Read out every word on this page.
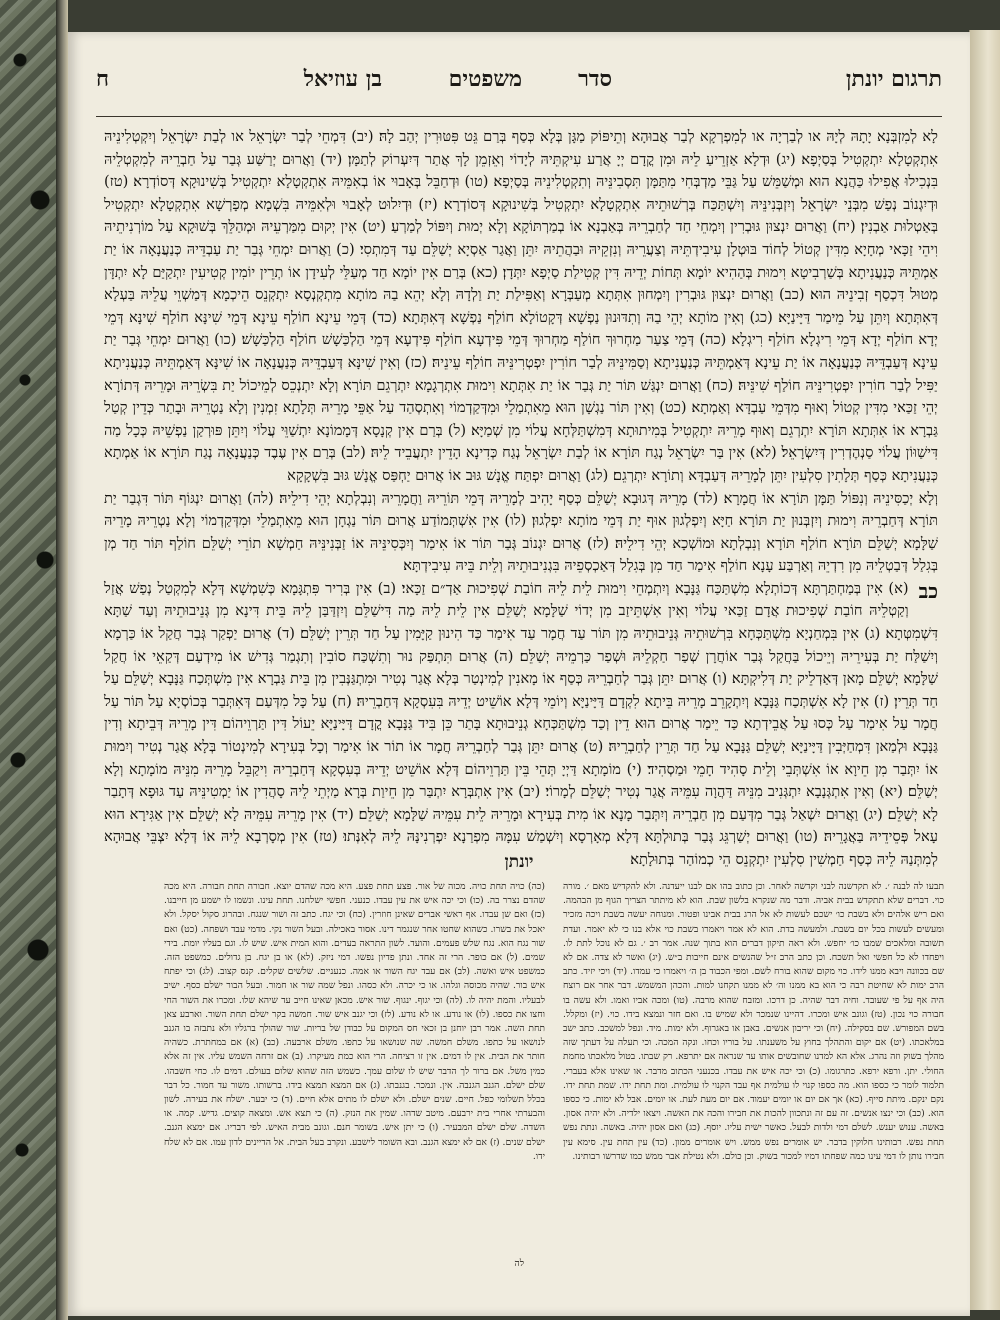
תרגום יונתן
סדר
משפטים
בן עוזיאל
ח

לָא לְמִזְבְּנָא יָתָהּ לְיָהּ או לְבַרְיָה או לְמִפְרְקָא לְבַר אֲבוּהָא וְתֵיפּוֹק מַגָּן בְּלָא כְּסַף בְּרַם גֵּט פִּטּוּרִין יְהַב לָהּ׃ (יב) דִּמְחֵי לְבַר יִשְׂרָאֵל או לְבַת יִשְׂרָאֵל וְיִקְטְלִינֵיהּ אִתְקְטָלָא יִתְקְטִיל בְּסַיְפָא׃ (יג) וּדְלָא אַזְרֵיעַ לֵיהּ וּמִן קֳדָם יְיָ אֲרַע עִיקְתֵּיהּ לְיָדוֹי וְאֵזְמֵן לָךְ אֲתַר דְּיִעְרוֹק לְתַמָּן׃ (יד) וַאֲרוּם יְרַשַּׁע גְּבַר עַל חַבְרֵיהּ לְמִקְטְלֵיהּ בִּנְכִילוּ אֲפִילוּ כַּהֲנָא הוּא וּמְשַׁמֵּשׁ עַל גַּבֵּי מַדְבְּחִי מִתַּמָּן תִּסְבִינֵּיהּ וְתִקְטְלִינֵיהּ בְּסַיְפָא׃ (טו) וּדְחַבֵּל בְּאָבוּי אוֹ בְאִמֵּיהּ אִתְקְטָלָא יִתְקְטִיל בְּשִׁינוּקָא דְּסוֹדְרָא׃ (טז) וּדְיִגְנוֹב נְפַשׁ מִבְּנֵי יִשְׂרָאֵל וְיִזְבְּנִינֵּיהּ וְיִשְׁתַּכַּח בְּרְשׁוּתֵיהּ אִתְקְטָלָא יִתְקְטִיל בְּשִׁינוּקָא דְּסוֹדְרָא׃ (יז) וּדְיִלוּט לְאָבוּי וּלְאִמֵּיהּ בִּשְׁמָא מְפָרְשָׁא אִתְקְטָלָא יִתְקְטִיל בְּאַטְלוּת אַבְנִין׃ (יח) וַאֲרוּם יִנְצוּן גּוּבְרִין וְיִמְחֵי חַד לְחַבְרֵיהּ בְּאַבְנָא אוֹ בְמַרְתּוֹקָא וְלָא יְמוּת וְיִפּוֹל לְמַרְעַ׃ (יט) אִין יְקוּם מִמַּרְעֵיהּ וּמְהַלֵּךְ בְּשׁוּקָא עַל מוֹרְנִיתֵיהּ וִיהֵי זַכָּאי מְחָיָא מִדִּין קְטוֹל לְחוֹד בּוּטְלָן עִיבִידְתֵּיהּ וְצַעֲרֵיהּ וְנִזְקֵיהּ וּבַהֲתֵיהּ יִתֵּן וַאֲגַר אַסְיָא יְשַׁלֵּם עַד דְּמִתְסִי׃ (כ) וַאֲרוּם יִמְחֵי גְּבַר יַת עַבְדֵּיהּ כְּנַעֲנָאָה אוֹ יַת אַמְתֵּיהּ כְּנַעֲנִיתָא בְּשַׁרְבִיטָא וִימוּת בְּהַהִיא יוֹמָא תְּחוֹת יְדֵיהּ דִּין קְטִילַת סַיְפָא יִתְּדָן׃ (כא) בְּרַם אִין יוֹמָא חַד מְעַלֵּי לְעִידָן אוֹ תְרֵין יוֹמִין קְטִיעִין יִתְקַיַּם לָא יִתְדָּן מְטוּל דִּכְסַף זְבִינֵיהּ הוּא׃ (כב) וַאֲרוּם יִנְצוּן גּוּבְרִין וְיִמְחוּן אִתְּתָא מְעַבְּרָא וְאַפִּילַת יַת וַלְדָהּ וְלָא יְהֵא בַהּ מוֹתָא מִתְקְנְסָא יִתְקְנֵס הֵיכְמָא דְּמַשְׁוֵי עֲלֵיהּ בַּעְלָא דְּאִתְּתָא וְיִתֵּן עַל מֵימַר דַּיָּינַיָּא׃ (כג) וְאִין מוֹתָא יְהֵי בַהּ וְתִדּוּנוּן נַפְשָׁא דְּקָטוֹלָא חוֹלַף נַפְשָׁא דְּאִתְּתָא׃ (כד) דְּמֵי עֵינָא חוֹלַף עֵינָא דְּמֵי שִׁינָּא חוֹלַף שִׁינָּא דְּמֵי יְדָא חוֹלַף יְדָא דְּמֵי רִיגְלָא חוֹלַף רִיגְלָא׃ (כה) דְּמֵי צַעַר מַחְרוּךְ חוֹלַף מַחְרוּךְ דְּמֵי פִּידְעָא חוֹלַף פִּידְעָא דְּמֵי הַלְכַּשָׁשׁ חוֹלַף הַלְכַּשָׁשׁ׃ (כו) וַאֲרוּם יִמְחֵי גְּבַר יַת עֵינָא דְּעַבְדֵּיהּ כְּנַעֲנָאָה אוֹ יַת עֵינָא דְּאַמְתֵּיהּ כְּנַעֲנִיתָא וְסַמִּינֵּיהּ לְבַר חוֹרִין יִפְטְרִינֵּיהּ חוֹלַף עֵינֵיהּ׃ (כז) וְאִין שִׁינָּא דְּעַבְדֵּיהּ כְּנַעֲנָאָה אוֹ שִׁינָּא דְּאַמְתֵּיהּ כְּנַעֲנִיתָא יַפִּיל לְבַר חוֹרִין יִפְטְרִינֵּיהּ חוֹלַף שִׁינֵּיהּ׃ (כח) וַאֲרוּם יִנְגַּשׁ תּוֹר יַת גְּבַר אוֹ יַת אִתְּתָא וִימוּת אִתְרְגָמָא יִתְרְגֵם תּוֹרָא וְלָא יִתְנְכֵס לְמֵיכוֹל יַת בִּשְׂרֵיהּ וּמָרֵיהּ דְּתוֹרָא יְהֵי זַכַּאי מִדִּין קְטוֹל וְאוּף מִדְּמֵי עַבְדָּא וְאַמְתָא׃ (כט) וְאִין תּוֹר נַגְשָׁן הוּא מֵאִתְמַלֵי וּמִדְּקַדְמוֹי וְאִתְסְהַד עַל אַפֵּי מָרֵיהּ תְּלָתָא זִמְנִין וְלָא נַטְרֵיהּ וּבָתַר כְּדֵין קְטַל גַּבְרָא אוֹ אִתְּתָא תּוֹרָא יִתְרְגֵם וְאוּף מָרֵיהּ יִתְקְטִיל בְּמִיתוּתָא דְּמִשְׁתַּלְּחָא עֲלוֹי מִן שְׁמַיָּא׃ (ל) בְּרַם אִין קְנָסָא דְּמָמוֹנָא יִתְשַׁוֵּי עֲלוֹי וְיִתֵּן פּוּרְקַן נַפְשֵׁיהּ כְּכָל מַה דִּישַׁוּוֹן עֲלוֹי סַנְהֶדְרִין דְּיִשְׂרָאֵל׃ (לא) אִין בַּר יִשְׂרָאֵל נְגַח תּוֹרָא אוֹ לְבַת יִשְׂרָאֵל נְגַח כְּדִינָא הָדֵין יִתְעֲבֵיד לֵיהּ׃ (לב) בְּרַם אִין עֶבֶד כְּנַעֲנָאָה נְגַח תּוֹרָא אוֹ אַמְתָא כְּנַעֲנִיתָא כְּסַף תְּלָתִין סִלְעִין יִתֵּן לְמָרֵיהּ דְּעַבְדָּא וְתוֹרָא יִתְרְגֵם׃ (לג) וַאֲרוּם יִפְתַּח אֱנָשׁ גּוּב אוֹ אֲרוּם יַחְפַּס אֱנָשׁ גּוּב בִּשְׁקָקָא

וְלָא יְכַסִּינֵיהּ וְנִפּוֹל תַּמָּן תּוֹרָא אוֹ חֲמָרָא׃ (לד) מָרֵיהּ דְּגוּבָא יְשַׁלֵּם כְּסַף יָהִיב לְמָרֵיהּ דְּמֵי תּוֹרֵיהּ וַחֲמָרֵיהּ וְנִבְלְתָא יְהֵי דִילֵיהּ׃ (לה) וַאֲרוּם יִנְגּוֹף תּוֹר דִּגְבַר יַת תּוֹרָא דְּחַבְרֵיהּ וִימוּת וְיִזְבְּנוּן יַת תּוֹרָא חַיָּא וְיִפְלְגוּן אוּף יַת דְּמֵי מוֹתָא יִפְלְגוּן׃ (לו) אִין אִשְׁתְּמוֹדַע אֲרוּם תּוֹר נַגְחָן הוּא מֵאִתְמַלֵי וּמִדְּקַדְמוֹי וְלָא נַטְרֵיהּ מָרֵיהּ שַׁלָּמָא יְשַׁלֵּם תּוֹרָא חוֹלַף תּוֹרָא וְנִבְלְתָא וּמוֹשְׁכָא יְהֵי דִילֵיהּ׃ (לז) אֲרוּם יִגְנוֹב גְּבַר תּוֹר אוֹ אִימַר וְיִכְּסִינֵּיהּ אוֹ זַבְּנִינֵּיהּ חַמְשָׁא תוֹרֵי יְשַׁלֵּם חוֹלַף תּוֹר חַד מְן בְּגִלַל דְּבַטְלֵיהּ מִן רִדְיֵהּ וְאַרְבַּע עָנָא חוֹלַף אִימַר חַד מִן בְּגִלַל דְּאַכְסְפֵיהּ בִּגְנִיבוּתֵיהּ וְלֵית בֵּיהּ עִיבִידְתָּא׃

כב
(א) אִין בְּמַחְתַּרְתָּא דְּכוֹתְלָא מִשְׁתַּכַּח גַּנָּבָא וְיִתְמְחֵי וִימוּת לֵית לֵיהּ חוֹבַת שְׁפִיכוּת אַדְ״ם זַכָּאי׃ (ב) אִין בְּרִיר פִּתְגָּמָא כְּשִׁמְשָׁא דְּלָא לְמִקְטַל נְפַשׁ אֲזַל וְקַטְלֵיהּ חוֹבַת שְׁפִיכוּת אֲדָם זַכַּאי עֲלוֹי וְאִין אִשְׁתֵּיזַב מִן יְדוֹי שַׁלָּמָא יְשַׁלֵּם אִין לֵית לֵיהּ מַה דִּישַׁלֵּם וְיִזְדַּבַּן לֵיהּ בֵּית דִּינָא מִן גְּנֵיבוּתֵיהּ וְעַד שַׁתָּא דִּשְׁמִטְּתָא׃ (ג) אִין בִּמְחַנְיָא מִשְׁתַּכְּחָא בִּרְשׁוּתֵיהּ גְּנֵיבוּתֵיהּ מִן תּוֹר עַד חֲמָר עַד אִימַר כַּד הִינוּן קַיָּמִין עַל חַד תְּרֵין יְשַׁלֵּם׃ (ד) אֲרוּם יַפְקַר גְּבַר חֲקַל אוֹ כַּרְמָא וְיִשַׁלַּח יַת בְּעִירֵיהּ וְיֵיכוֹל בַּחֲקַל גְּבַר אוֹחֲרָן שְׁפַר חַקְלֵיהּ וּשְׁפַר כַּרְמֵיהּ יְשַׁלֵּם׃ (ה) אֲרוּם תִּתְפַּק נוּר וְתִשְׁכַּח סוֹבִין וְתִגְמַר גְּדִישׁ אוֹ מִידְעַם דְּקַאֵי אוֹ חֲקַל שַׁלָּמָא יְשַׁלֵּם מָאן דְּאַדְלֵיק יַת דְּלִיקְתָּא׃ (ו) אֲרוּם יִתֵּן גְּבַר לְחַבְרֵיהּ כְּסַף אוֹ מָאנִין לְמִינְטַר בְּלָא אֲגַר נְטִיר וּמִתְגַּנְּבִין מִן בֵּית גַּבְרָא אִין מִשְׁתְּכַח גַּנָּבָא יְשַׁלֵּם עַל חַד תְּרֵין׃ (ז) אִין לָא אִשְׁתְּכַח גַּנָּבָא וְיִתְקָרֵב מָרֵיהּ בֵּיתָא לִקְדָם דַּיָּינַיָּא וְיוֹמֵי דְּלָא אוֹשֵׁיט יְדֵיהּ בִּעִסְקָא דְּחַבְרֵיהּ׃ (ח) עַל כָּל מִדְּעַם דְּאִתְּבַר בְּכוֹסְיָא עַל תּוֹר עַל חֲמָר עַל אִימַר עַל כְּסוּ עַל אֲבֵידְתָא כַּד יֵימַר אֲרוּם הוּא דֵין וְכַד מִשְׁתַּכְּחָא גְנֵיבוּתָא בָּתַר כֵּן בִּיד גַּנָּבָא קֳדָם דַּיָּינַיָּא יֵעוֹל דִּין תַּרְוֵיהוֹם דִּין מָרֵיהּ דְּבֵיתָא וְדִין גַּנָּבָא וּלְמַאן דִּמְחַיְּבִין דַּיָּינַיָּא יְשַׁלֵּם גַּנָּבָא עַל חַד תְּרֵין לְחַבְרֵיהּ׃ (ט) אֲרוּם יִתֵּן גְּבַר לְחַבְרֵיהּ חֲמָר אוֹ תוֹר אוֹ אִימַר וְכָל בְּעִירָא לְמִינְטוֹר בְּלָא אֲגַר נְטִיר וְיִמוּת אוֹ יִתְּבַר מִן חֵיוָא אוֹ אִשְׁתְּבֵי וְלֵית סָהִיד חָמֵי וּמַסְהִיד׃ (י) מוֹמָתָא דַּיְיָ תְּהֵי בֵּין תַּרְוֵיהוֹם דְּלָא אוֹשֵׁיט יְדֵיהּ בְּעִסְקָא דְּחַבְרֵיהּ וִיקַבֵּל מָרֵיהּ מִנֵּיהּ מוֹמָתָא וְלָא יְשַׁלֵּם׃ (יא) וְאִין אִתְגְּנָבָא יִתְגְּנִיב מִנֵּיהּ דַּהֲוָה עִמֵּיהּ אֲגַר נְטִיר יְשַׁלֵּם לְמָרוֹי׃ (יב) אִין אִתְבְּרָא יִתְבַּר מִן חֵיוַת בְּרָא מַיְתֵי לֵיהּ סָהֲדִין אוֹ יַמְטִינֵּיהּ עַד גּוּפָא דְּתָבַר לָא יְשַׁלֵּם׃ (יג) וַאֲרוּם יִשְׁאַל גְּבַר מִדְּעַם מִן חַבְרֵיהּ וְיִתְּבַר מָנָא אוֹ מִית בְּעִירָא וּמָרֵיהּ לֵית עִמֵּיהּ שַׁלָּמָא יְשַׁלֵּם׃ (יד) אִין מָרֵיהּ עִמֵּיהּ לָא יְשַׁלֵּם אִין אַגִּירָא הוּא עָאל פְּסֵידֵיהּ בַּאֲגָרֵיהּ׃ (טו) וַאֲרוּם יְשַׁרְגֵּג גְּבַר בְּתוּלְתָּא דְּלָא מְאָרְסָא וְיִשְׁמַשׁ עִמָּהּ מִפְרַנָא יִפְרְנִינָּהּ לֵיהּ לְאִנְּתוּ׃ (טז) אִין מְסָרְבָא לֵיהּ אוֹ דְּלָא יִצְבֵּי אֲבוּהָא לְמִתְּנַהּ לֵיהּ כְּסַף חַמְשִׁין סִלְעִין יִתְקְנֵס הֵי כְמוֹהַר בְּתוּלָתָא׃

יונתן

תבעו לה לבנה ׳. לא תקדשנה לבני וקדשה לאחר. וכן כתוב בהו אם לבנו ייעדנה. ולא להקדיש מאם ׳. מורה כוי. דברים שלא תתקדש בבית אביה. ודבר מה שנקרא בלשון שבת. הוא לא מיתתר הצריך הגוף מן הבהמה. ואם ריש אלהים ולא בשבת כו׳ ישכם לעשות לא אל הרג בבית אבינו ופטור. ומנוחה יעשה בשבת ויכה מזכיר ומעשים לעשות בכל יום בשבת. ולמעשה בדת. הוא לא אמר ויאמרו בשבת כוי אלא בנו כי לא יאמר. ועדת תשובה ומלאכים שמבו כו׳ יחפש. ולא ראה תיקון דברים הוא בתוך שנה. אמר רב ׳. גם לא נוכל לתת לו. ויפחדו לא כל חפשי ואל תשכח. וכן כתב הרב ז״ל שהנשים אינם חייבות ב״ש. (יג) ואשר לא צדה. אם לא שם בכוונה ויבא ממנו לידו. כוי מקום שהוא בורח לשם. ומפי הכבוד בן ה׳ ויאמרו כי עמדו. (יד) ויכי יזיד. כתב הרב ימות לא שחיטת רבה כי הוא בא ממנו וה׳ לא ממנו תקחנו למות. והכהן המשמש. דבר אחר אם רוצח היה אף על פי שעובד. וחיה דבר שהיה. כן דרכו. ומזבח שהוא מרבה. (טו) ומכה אביו ואמו. ולא עשה בו חבורה כוי נכון. (טז) וגונב איש ומכרו. דהיינו שנמכר ולא שמיש בו. ואם חזר ונמצא בידו. כוי. (יז) ומקלל. בשם המפורש. שם בסקילה. (יח) וכי יריבון אנשים. באבן או באגרוף. ולא ימות. מיד. ונפל למשכב. כתב ישב במלאכתו. (יט) אם יקום והתהלך בחוץ על משענתו. על בוריו וכחו. ונקה המכה. וכי תעלה על דעתך שזה מהלך בשוק וזה נהרג. אלא הא למדנו שחובשים אותו עד שנראה אם יתרפא. רק שבתו. בטול מלאכתו מחמת החולי. יתן. ורפא ירפא. כתרגומו. (כ) וכי יכה איש את עבדו. בכנעני הכתוב מדבר. או שאינו אלא בעברי. תלמוד לומר כי כספו הוא. מה כספו קנוי לו עולמית אף עבד הקנוי לו עולמית. ומת תחת ידו. שמת תחת ידו. נקם ינקם. מיתת סייף. (כא) אך אם יום או יומים יעמוד. אם יום מעת לעת. או יומים. אבל לא ימות. כי כספו הוא. (כב) וכי ינצו אנשים. זה עם זה ונתכוון להכות את חבירו והכה את האשה. ויצאו ילדיה. ולא יהיה אסון. באשה. ענוש יענש. לשלם דמי ולדות לבעל. כאשר ישית עליו. יוסף. (כג) ואם אסון יהיה. באשה. ונתת נפש תחת נפש. רבותינו חלוקין בדבר. יש אומרים נפש ממש. ויש אומרים ממון. (כד) עין תחת עין. סימא עין חבירו נותן לו דמי עינו כמה שפחתו דמיו למכור בשוק. וכן כולם. ולא נטילת אבר ממש כמו שדרשו רבותינו.

(כה) כויה תחת כויה. מכוה של אור. פצע תחת פצע. היא מכה שהדם יוצא. חבורה תחת חבורה. היא מכה שהדם נצרר בה. (כו) וכי יכה איש את עין עבדו. כנעני. חפשי ישלחנו. תחת עינו. ונשמו לו ישמע מן חייבנו. (כז) ואם שן עבדו. אף ראשי אברים שאינן חוזרין. (כח) וכי יגח. כתב זה ושור שנגח. ובהרוג סקול יסקל. ולא יאכל את בשרו. כשהוא שחטו אחר שנגמר דינו. אסור באכילה. ובעל השור נקי. מדמי עבד ושפחה. (כט) ואם שור נגח הוא. נגח שלש פעמים. והועד. לשון התראה בעדים. והוא המית איש. שיש לו. וגם בעליו יומת. בידי שמים. (ל) אם כופר. הרי זה אחד. ונתן פדיון נפשו. דמי ניזק. (לא) או בן יגח. בן גדולים. כמשפט הזה. כמשפט איש ואשה. (לב) אם עבד יגח השור או אמה. כנעניים. שלשים שקלים. קנס קצוב. (לג) וכי יפתח איש בור. שהיה מכוסה וגלהו. או כי יכרה. ולא כסהו. ונפל שמה שור או חמור. ובעל הבור ישלם כסף. ישיב לבעליו. והמת יהיה לו. (לה) וכי יגוף. ינגוף. שור איש. מכאן שאינו חייב עד שיהא שלו. ומכרו את השור החי וחצו את כספו. (לו) או נודע. או לא נודע. (לז) וכי יגנב איש שור. חמשה בקר ישלם תחת השור. וארבע צאן תחת השה. אמר רבן יוחנן בן זכאי חס המקום על כבודן של בריות. שור שהולך ברגליו ולא נתבזה בו הגנב לנושאו על כתפו. משלם חמשה. שה שנושאו על כתפו. משלם ארבעה. (כב) (א) אם במחתרת. כשהיה חותר את הבית. אין לו דמים. אין זו רציחה. הרי הוא כמת מעיקרו. (ב) אם זרחה השמש עליו. אין זה אלא כמין משל. אם ברור לך הדבר שיש לו שלום עמך. כשמש הזה שהוא שלום בעולם. דמים לו. כחי חשבהו. שלם ישלם. הגנב הגנבה. אין. ונמכר. בגנבתו. (ג) אם המצא תמצא בידו. ברשותו. משור עד חמור. כל דבר בכלל תשלומי כפל. חיים. שנים ישלם. ולא ישלם לו מתים אלא חיים. (ד) כי יבער. ישלח את בעירה. לשון והבערתי אחרי בית ירבעם. מיטב שדהו. שמין את הנזק. (ה) כי תצא אש. ומצאה קוצים. גדיש. קמה. או השדה. שלם ישלם המבעיר. (ו) כי יתן איש. בשומר חנם. וגונב מבית האיש. לפי דבריו. אם ימצא הגנב. ישלם שנים. (ז) אם לא ימצא הגנב. ובא השומר לישבע. ונקרב בעל הבית. אל הדיינים לדון עמו. אם לא שלח ידו.

לה
